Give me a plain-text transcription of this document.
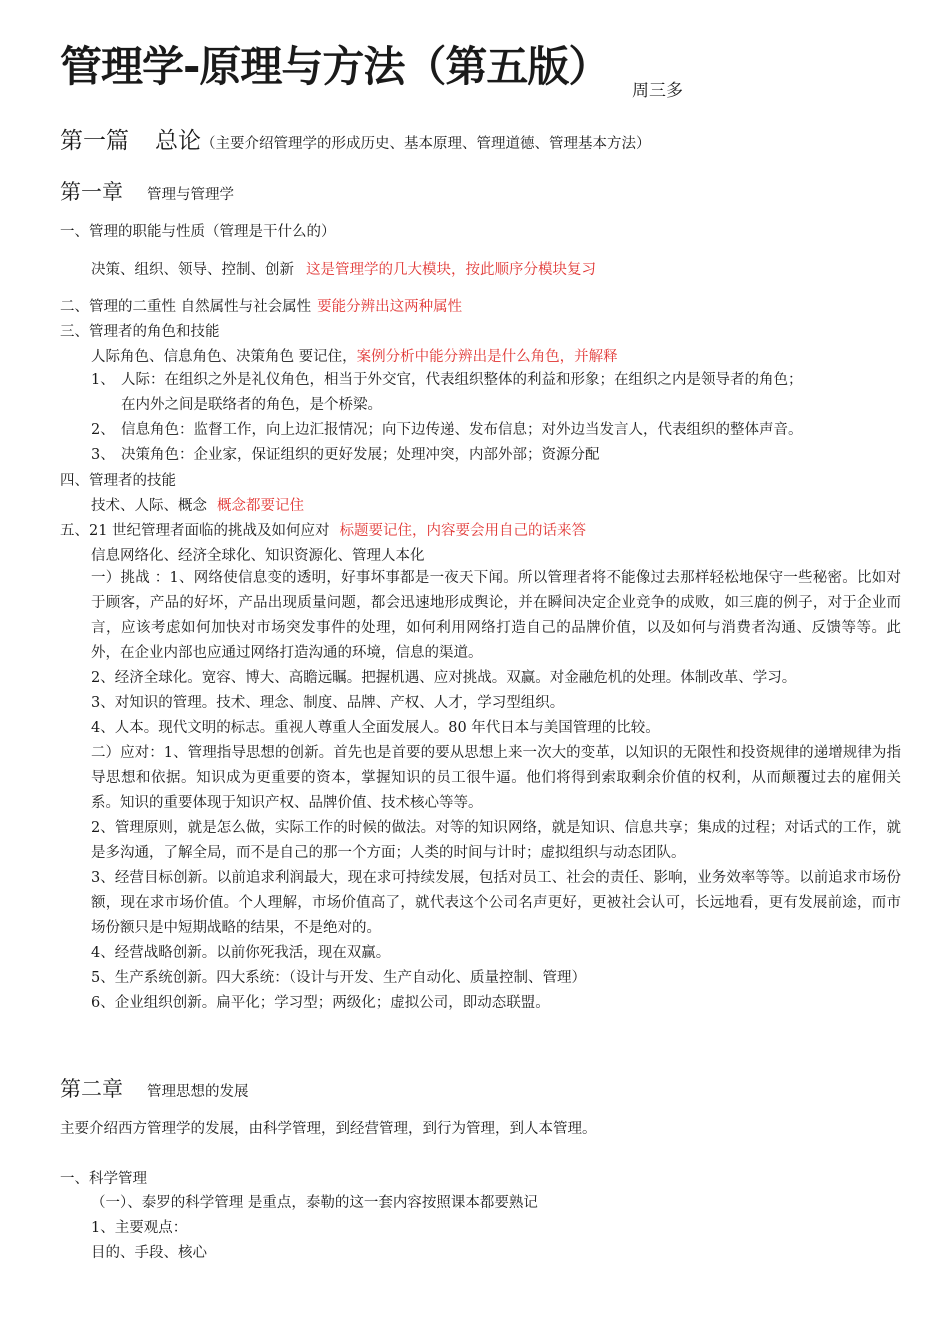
管理学-原理与方法（第五版） 周三多
第一篇 总论（主要介绍管理学的形成历史、基本原理、管理道德、管理基本方法）
第一章 管理与管理学
一、管理的职能与性质（管理是干什么的）
决策、组织、领导、控制、创新 这是管理学的几大模块，按此顺序分模块复习
二、管理的二重性 自然属性与社会属性 要能分辨出这两种属性
三、管理者的角色和技能
人际角色、信息角色、决策角色 要记住，案例分析中能分辨出是什么角色，并解释
1、 人际：在组织之外是礼仪角色，相当于外交官，代表组织整体的利益和形象；在组织之内是领导者的角色；
在内外之间是联络者的角色，是个桥梁。
2、 信息角色：监督工作，向上边汇报情况；向下边传递、发布信息；对外边当发言人，代表组织的整体声音。
3、 决策角色：企业家，保证组织的更好发展；处理冲突，内部外部；资源分配
四、管理者的技能
技术、人际、概念 概念都要记住
五、21 世纪管理者面临的挑战及如何应对 标题要记住，内容要会用自己的话来答
信息网络化、经济全球化、知识资源化、管理人本化
一）挑战 ：1、网络使信息变的透明，好事坏事都是一夜天下闻。所以管理者将不能像过去那样轻松地保守一些秘密。比如对于顾客，产品的好坏，产品出现质量问题，都会迅速地形成舆论，并在瞬间决定企业竞争的成败，如三鹿的例子，对于企业而言，应该考虑如何加快对市场突发事件的处理，如何利用网络打造自己的品牌价值，以及如何与消费者沟通、反馈等等。此外，在企业内部也应通过网络打造沟通的环境，信息的渠道。
2、经济全球化。宽容、博大、高瞻远瞩。把握机遇、应对挑战。双赢。对金融危机的处理。体制改革、学习。
3、对知识的管理。技术、理念、制度、品牌、产权、人才，学习型组织。
4、人本。现代文明的标志。重视人尊重人全面发展人。80 年代日本与美国管理的比较。
二）应对：1、管理指导思想的创新。首先也是首要的要从思想上来一次大的变革，以知识的无限性和投资规律的递增规律为指导思想和依据。知识成为更重要的资本，掌握知识的员工很牛逼。他们将得到索取剩余价值的权利，从而颠覆过去的雇佣关系。知识的重要体现于知识产权、品牌价值、技术核心等等。
2、管理原则，就是怎么做，实际工作的时候的做法。对等的知识网络，就是知识、信息共享；集成的过程；对话式的工作，就是多沟通，了解全局，而不是自己的那一个方面；人类的时间与计时；虚拟组织与动态团队。
3、经营目标创新。以前追求利润最大，现在求可持续发展，包括对员工、社会的责任、影响，业务效率等等。以前追求市场份额，现在求市场价值。个人理解，市场价值高了，就代表这个公司名声更好，更被社会认可，长远地看，更有发展前途，而市场份额只是中短期战略的结果，不是绝对的。
4、经营战略创新。以前你死我活，现在双赢。
5、生产系统创新。四大系统：（设计与开发、生产自动化、质量控制、管理）
6、企业组织创新。扁平化；学习型；两级化；虚拟公司，即动态联盟。
第二章 管理思想的发展
主要介绍西方管理学的发展，由科学管理，到经营管理，到行为管理，到人本管理。
一、科学管理
（一）、泰罗的科学管理 是重点，泰勒的这一套内容按照课本都要熟记
1、主要观点：
目的、手段、核心
